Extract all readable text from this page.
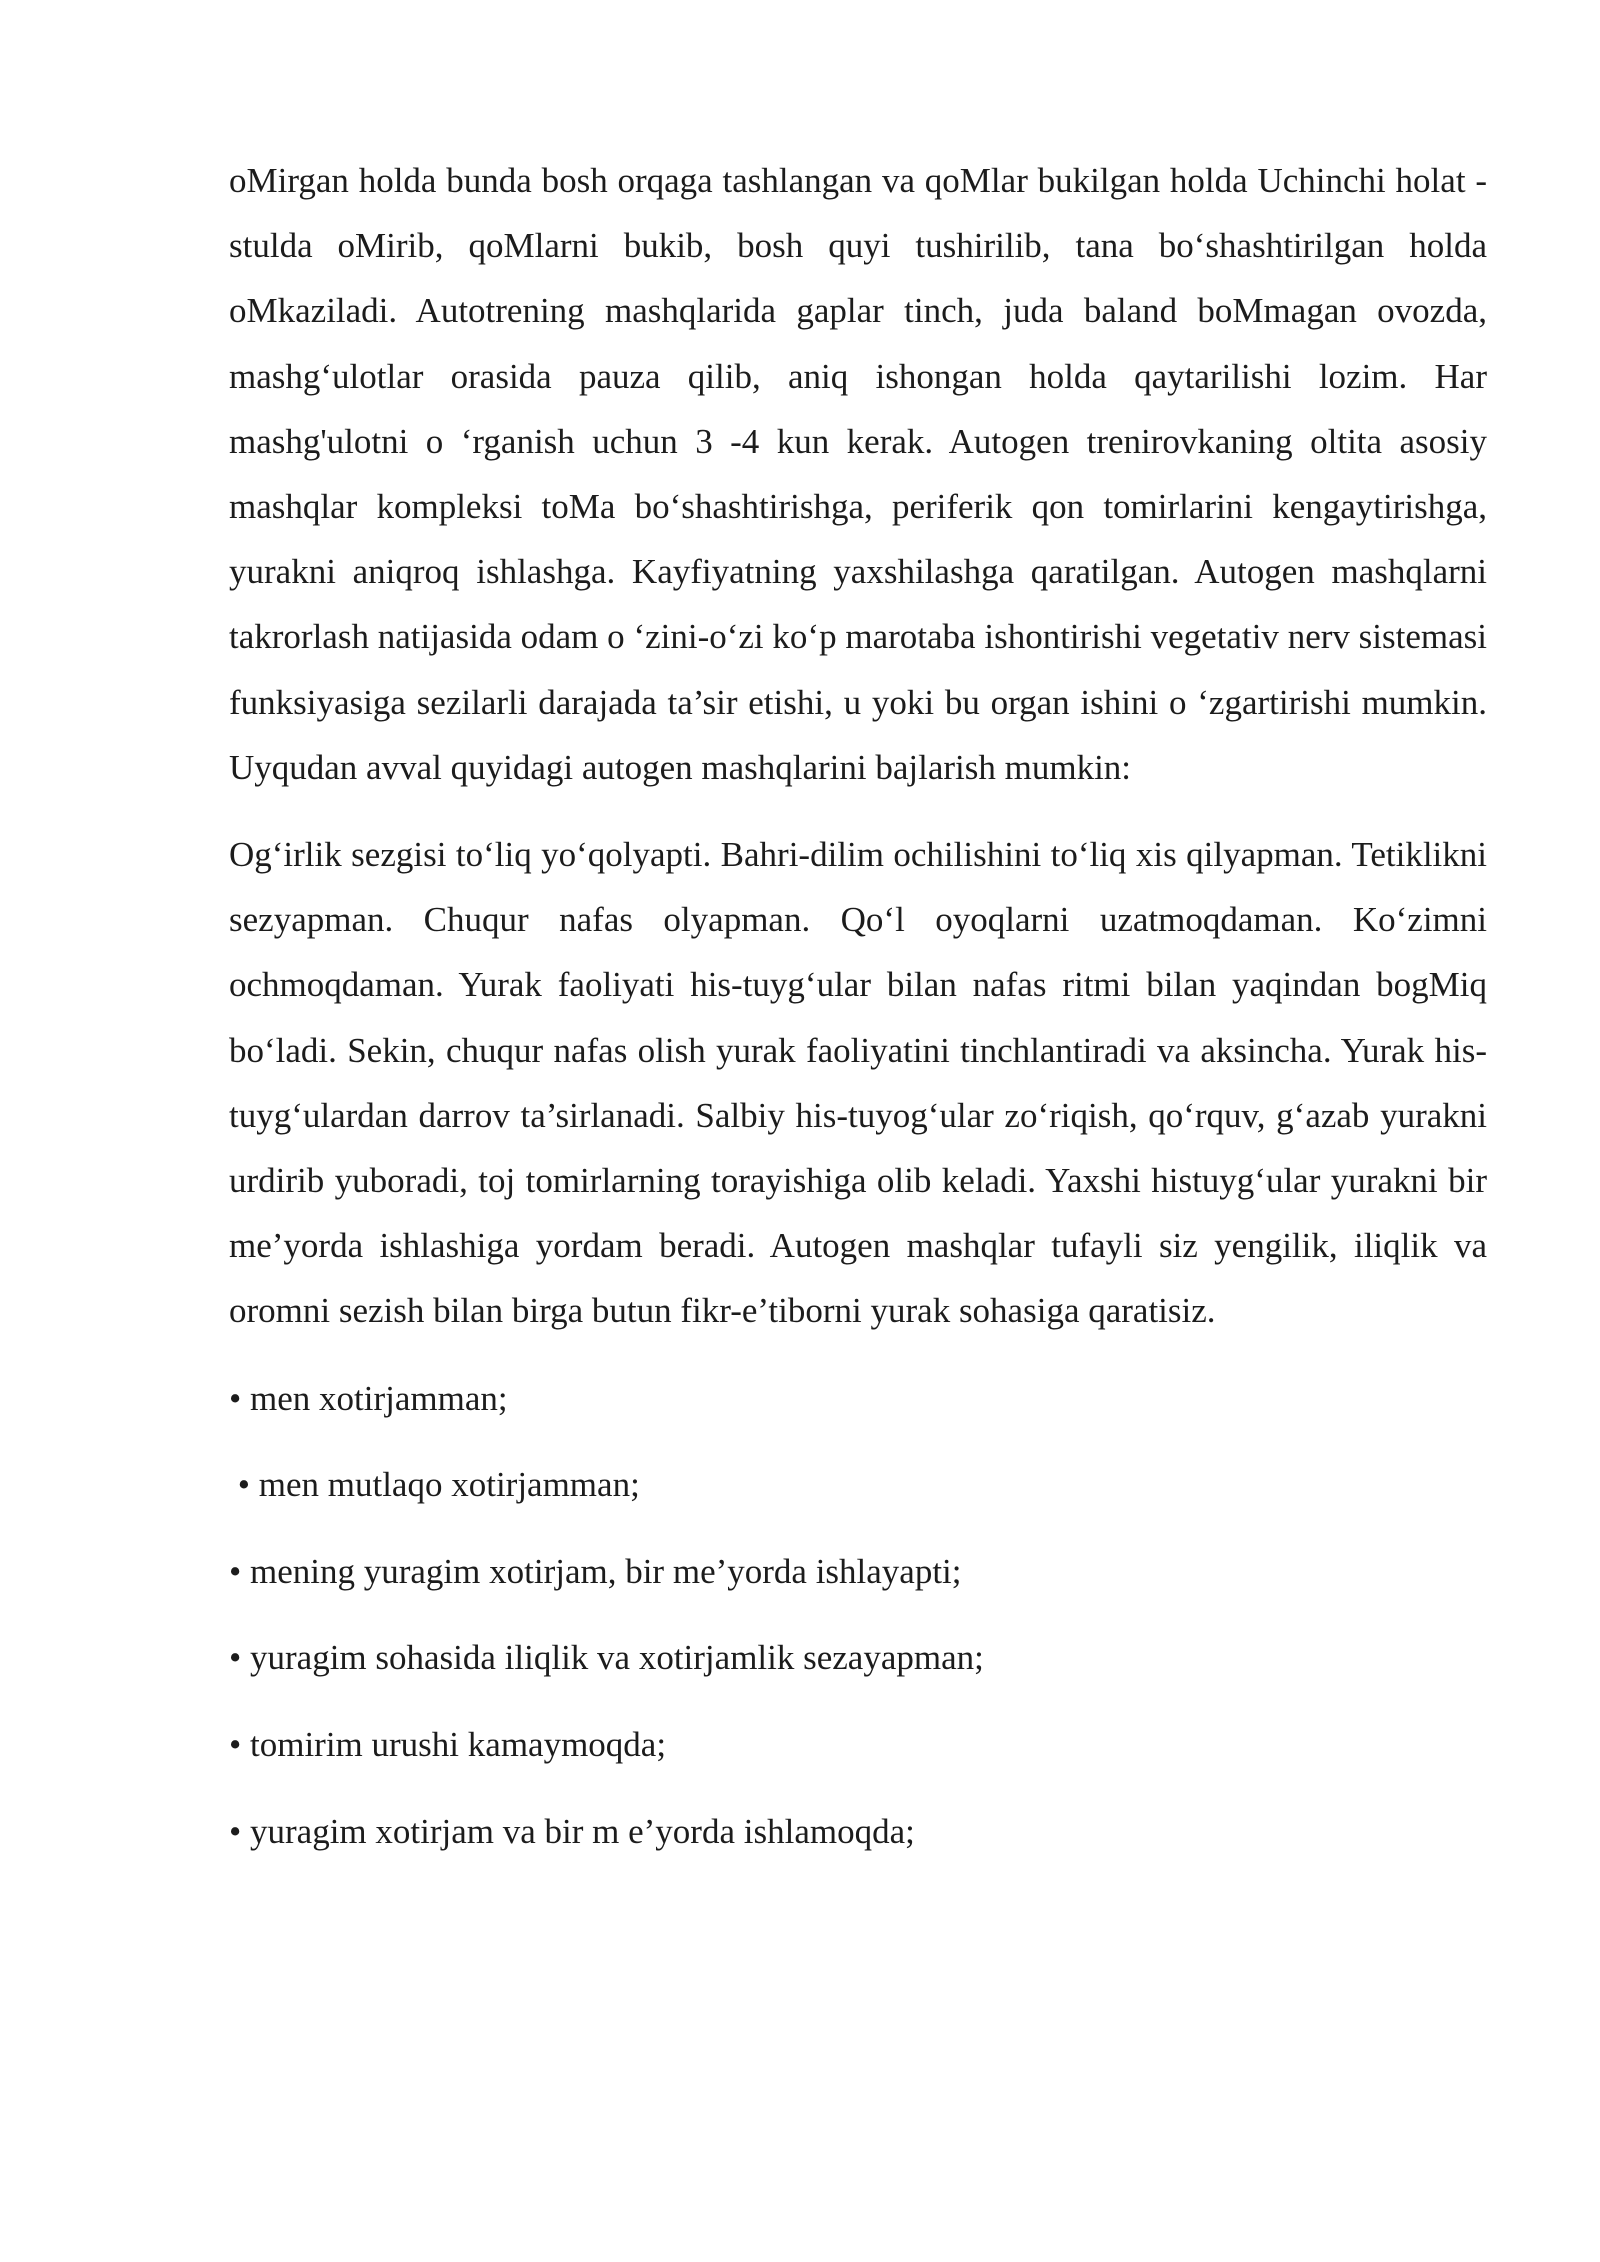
oMirgan holda bunda bosh orqaga tashlangan va qoMlar bukilgan holda Uchinchi holat - stulda oMirib, qoMlarni bukib, bosh quyi tushirilib, tana bo‘shashtirilgan holda oMkaziladi. Autotrening mashqlarida gaplar tinch, juda baland boMmagan ovozda, mashg‘ulotlar orasida pauza qilib, aniq ishongan holda qaytarilishi lozim. Har mashg'ulotni o ‘rganish uchun 3 -4 kun kerak. Autogen trenirovkaning oltita asosiy mashqlar kompleksi toMa bo‘shashtirishga, periferik qon tomirlarini kengaytirishga, yurakni aniqroq ishlashga. Kayfiyatning yaxshilashga qaratilgan. Autogen mashqlarni takrorlash natijasida odam o ‘zini-o‘zi ko‘p marotaba ishontirishi vegetativ nerv sistemasi funksiyasiga sezilarli darajada ta’sir etishi, u yoki bu organ ishini o ‘zgartirishi mumkin. Uyqudan avval quyidagi autogen mashqlarini bajlarish mumkin:

Og‘irlik sezgisi to‘liq yo‘qolyapti. Bahri-dilim ochilishini to‘liq xis qilyapman. Tetiklikni sezyapman. Chuqur nafas olyapman. Qo‘l oyoqlarni uzatmoqdaman. Ko‘zimni ochmoqdaman. Yurak faoliyati his-tuyg‘ular bilan nafas ritmi bilan yaqindan bogMiq bo‘ladi. Sekin, chuqur nafas olish yurak faoliyatini tinchlantiradi va aksincha. Yurak his-tuyg‘ulardan darrov ta’sirlanadi. Salbiy his-tuyog‘ular zo‘riqish, qo‘rquv, g‘azab yurakni urdirib yuboradi, toj tomirlarning torayishiga olib keladi. Yaxshi histuyg‘ular yurakni bir me’yorda ishlashiga yordam beradi. Autogen mashqlar tufayli siz yengilik, iliqlik va oromni sezish bilan birga butun fikr-e’tiborni yurak sohasiga qaratisiz.

• men xotirjamman;
• men mutlaqo xotirjamman;
• mening yuragim xotirjam, bir me’yorda ishlayapti;
• yuragim sohasida iliqlik va xotirjamlik sezayapman;
• tomirim urushi kamaymoqda;
• yuragim xotirjam va bir m e’yorda ishlamoqda;
